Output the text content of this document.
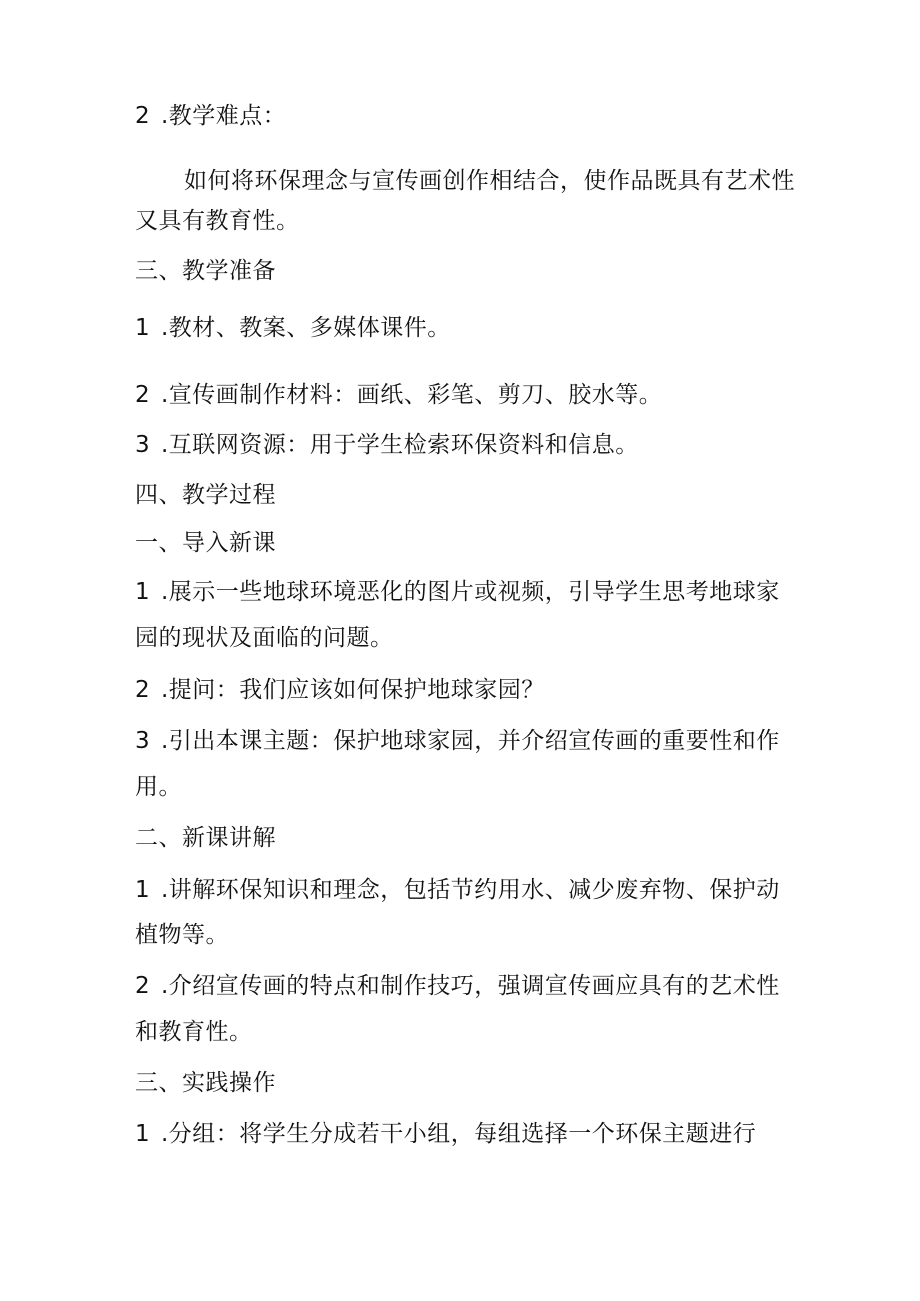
2 .教学难点：
如何将环保理念与宣传画创作相结合，使作品既具有艺术性
又具有教育性。
三、教学准备
1 .教材、教案、多媒体课件。
2 .宣传画制作材料：画纸、彩笔、剪刀、胶水等。
3 .互联网资源：用于学生检索环保资料和信息。
四、教学过程
一、导入新课
1 .展示一些地球环境恶化的图片或视频，引导学生思考地球家
园的现状及面临的问题。
2 .提问：我们应该如何保护地球家园？
3 .引出本课主题：保护地球家园，并介绍宣传画的重要性和作
用。
二、新课讲解
1 .讲解环保知识和理念，包括节约用水、减少废弃物、保护动
植物等。
2 .介绍宣传画的特点和制作技巧，强调宣传画应具有的艺术性
和教育性。
三、实践操作
1 .分组：将学生分成若干小组，每组选择一个环保主题进行
